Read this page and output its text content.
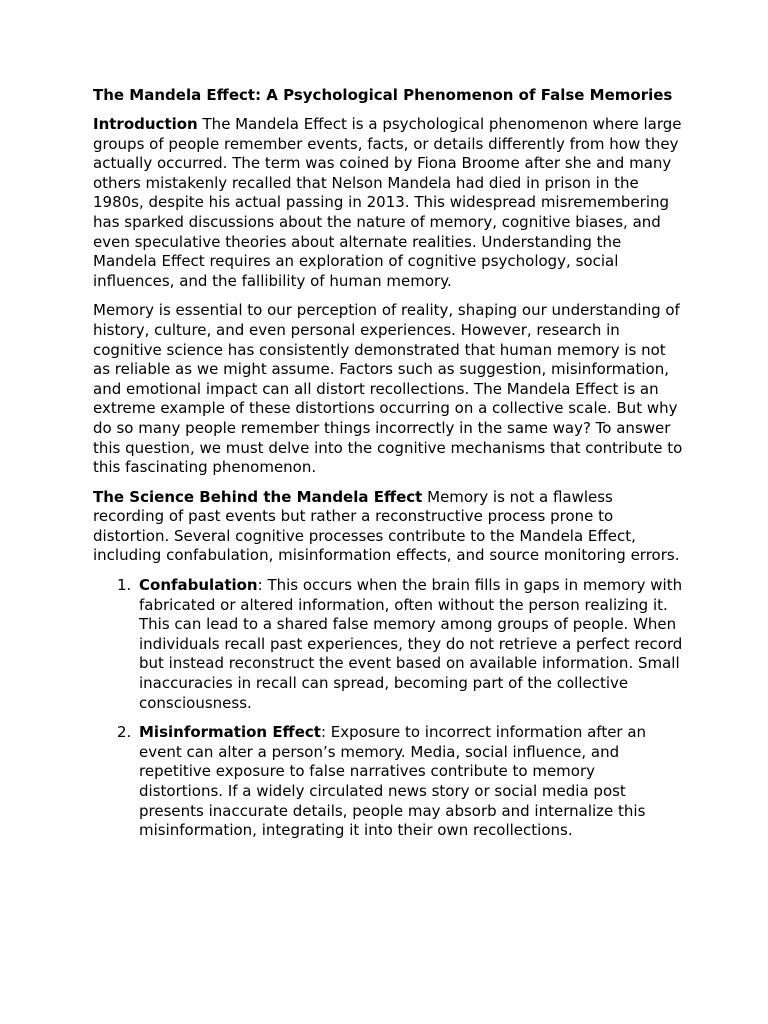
The Mandela Effect: A Psychological Phenomenon of False Memories

Introduction The Mandela Effect is a psychological phenomenon where large groups of people remember events, facts, or details differently from how they actually occurred. The term was coined by Fiona Broome after she and many others mistakenly recalled that Nelson Mandela had died in prison in the 1980s, despite his actual passing in 2013. This widespread misremembering has sparked discussions about the nature of memory, cognitive biases, and even speculative theories about alternate realities. Understanding the Mandela Effect requires an exploration of cognitive psychology, social influences, and the fallibility of human memory.

Memory is essential to our perception of reality, shaping our understanding of history, culture, and even personal experiences. However, research in cognitive science has consistently demonstrated that human memory is not as reliable as we might assume. Factors such as suggestion, misinformation, and emotional impact can all distort recollections. The Mandela Effect is an extreme example of these distortions occurring on a collective scale. But why do so many people remember things incorrectly in the same way? To answer this question, we must delve into the cognitive mechanisms that contribute to this fascinating phenomenon.

The Science Behind the Mandela Effect Memory is not a flawless recording of past events but rather a reconstructive process prone to distortion. Several cognitive processes contribute to the Mandela Effect, including confabulation, misinformation effects, and source monitoring errors.

1. Confabulation: This occurs when the brain fills in gaps in memory with fabricated or altered information, often without the person realizing it. This can lead to a shared false memory among groups of people. When individuals recall past experiences, they do not retrieve a perfect record but instead reconstruct the event based on available information. Small inaccuracies in recall can spread, becoming part of the collective consciousness.
2. Misinformation Effect: Exposure to incorrect information after an event can alter a person’s memory. Media, social influence, and repetitive exposure to false narratives contribute to memory distortions. If a widely circulated news story or social media post presents inaccurate details, people may absorb and internalize this misinformation, integrating it into their own recollections.
